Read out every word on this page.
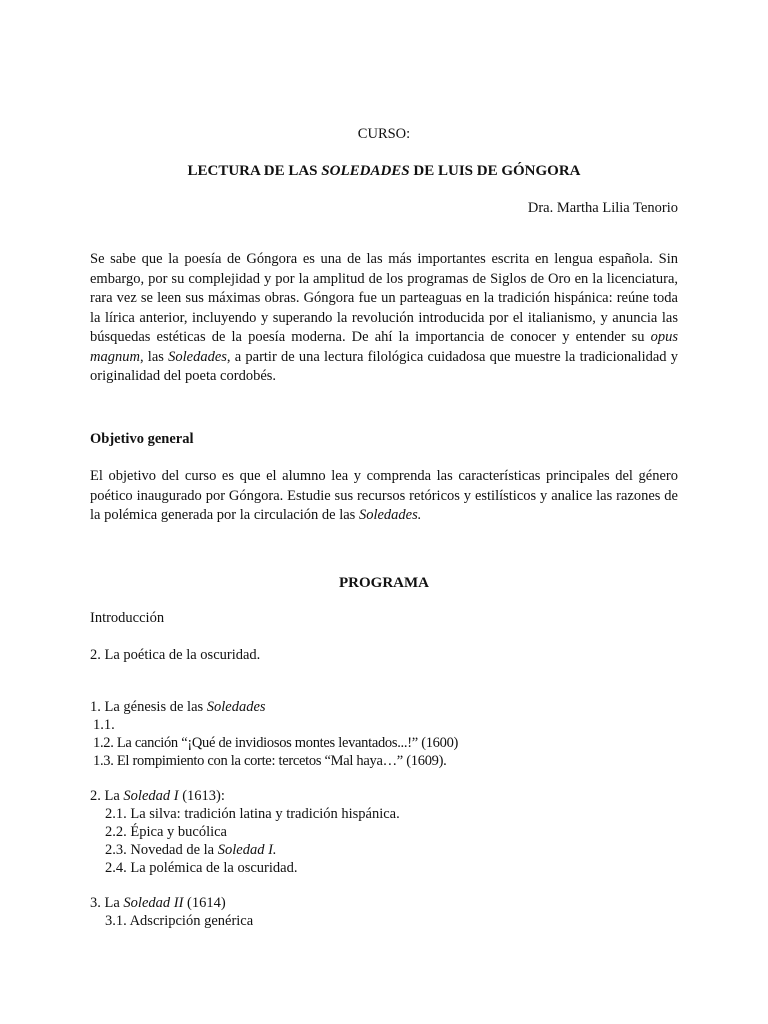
CURSO:

LECTURA DE LAS SOLEDADES DE LUIS DE GÓNGORA

Dra. Martha Lilia Tenorio

Se sabe que la poesía de Góngora es una de las más importantes escrita en lengua española. Sin embargo, por su complejidad y por la amplitud de los programas de Siglos de Oro en la licenciatura, rara vez se leen sus máximas obras. Góngora fue un parteaguas en la tradición hispánica: reúne toda la lírica anterior, incluyendo y superando la revolución introducida por el italianismo, y anuncia las búsquedas estéticas de la poesía moderna. De ahí la importancia de conocer y entender su opus magnum, las Soledades, a partir de una lectura filológica cuidadosa que muestre la tradicionalidad y originalidad del poeta cordobés.

Objetivo general

El objetivo del curso es que el alumno lea y comprenda las características principales del género poético inaugurado por Góngora. Estudie sus recursos retóricos y estilísticos y analice las razones de la polémica generada por la circulación de las Soledades.

PROGRAMA

Introducción

2. La poética de la oscuridad.

1. La génesis de las Soledades

1.1.

1.2. La canción “¡Qué de invidiosos montes levantados...!” (1600)

1.3. El rompimiento con la corte: tercetos “Mal haya…” (1609).

2. La Soledad I (1613):

2.1. La silva: tradición latina y tradición hispánica.

2.2. Épica y bucólica

2.3. Novedad de la Soledad I.

2.4. La polémica de la oscuridad.

3. La Soledad II (1614)

3.1. Adscripción genérica
